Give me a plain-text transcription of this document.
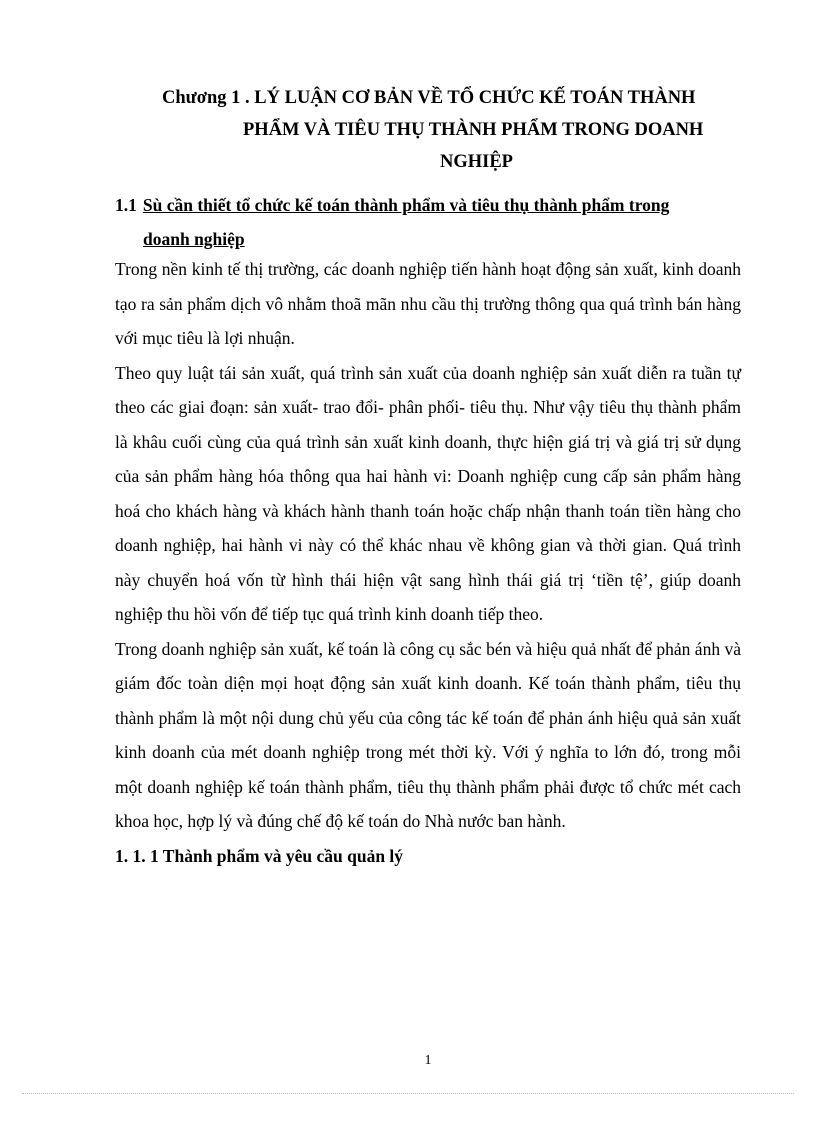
Chương 1 . LÝ LUẬN CƠ BẢN VỀ TỔ CHỨC KẾ TOÁN THÀNH
PHẨM VÀ TIÊU THỤ THÀNH PHẨM TRONG DOANH
NGHIỆP
1.1 Sù cần thiết tổ chức kế toán thành phẩm và tiêu thụ thành phẩm trong
doanh nghiệp

Trong nền kinh tế thị trường, các doanh nghiệp tiến hành hoạt động sản xuất, kinh doanh tạo ra sản phẩm dịch vô nhằm thoã mãn nhu cầu thị trường thông qua quá trình bán hàng với mục tiêu là lợi nhuận.

Theo quy luật tái sản xuất, quá trình sản xuất của doanh nghiệp sản xuất diễn ra tuần tự theo các giai đoạn: sản xuất- trao đổi- phân phối- tiêu thụ. Như vậy tiêu thụ thành phẩm là khâu cuối cùng của quá trình sản xuất kinh doanh, thực hiện giá trị và giá trị sử dụng của sản phẩm hàng hóa thông qua hai hành vi: Doanh nghiệp cung cấp sản phẩm hàng hoá cho khách hàng và khách hành thanh toán hoặc chấp nhận thanh toán tiền hàng cho doanh nghiệp, hai hành vi này có thể khác nhau về không gian và thời gian. Quá trình này chuyển hoá vốn từ hình thái hiện vật sang hình thái giá trị ‘tiền tệ’, giúp doanh nghiệp thu hồi vốn để tiếp tục quá trình kinh doanh tiếp theo.

Trong doanh nghiệp sản xuất, kế toán là công cụ sắc bén và hiệu quả nhất để phản ánh và giám đốc toàn diện mọi hoạt động sản xuất kinh doanh. Kế toán thành phẩm, tiêu thụ thành phẩm là một nội dung chủ yếu của công tác kế toán để phản ánh hiệu quả sản xuất kinh doanh của mét doanh nghiệp trong mét thời kỳ. Với ý nghĩa to lớn đó, trong mỗi một doanh nghiệp kế toán thành phẩm, tiêu thụ thành phẩm phải được tổ chức mét cach khoa học, hợp lý và đúng chế độ kế toán do Nhà nước ban hành.

1. 1. 1 Thành phẩm và yêu cầu quản lý

1
